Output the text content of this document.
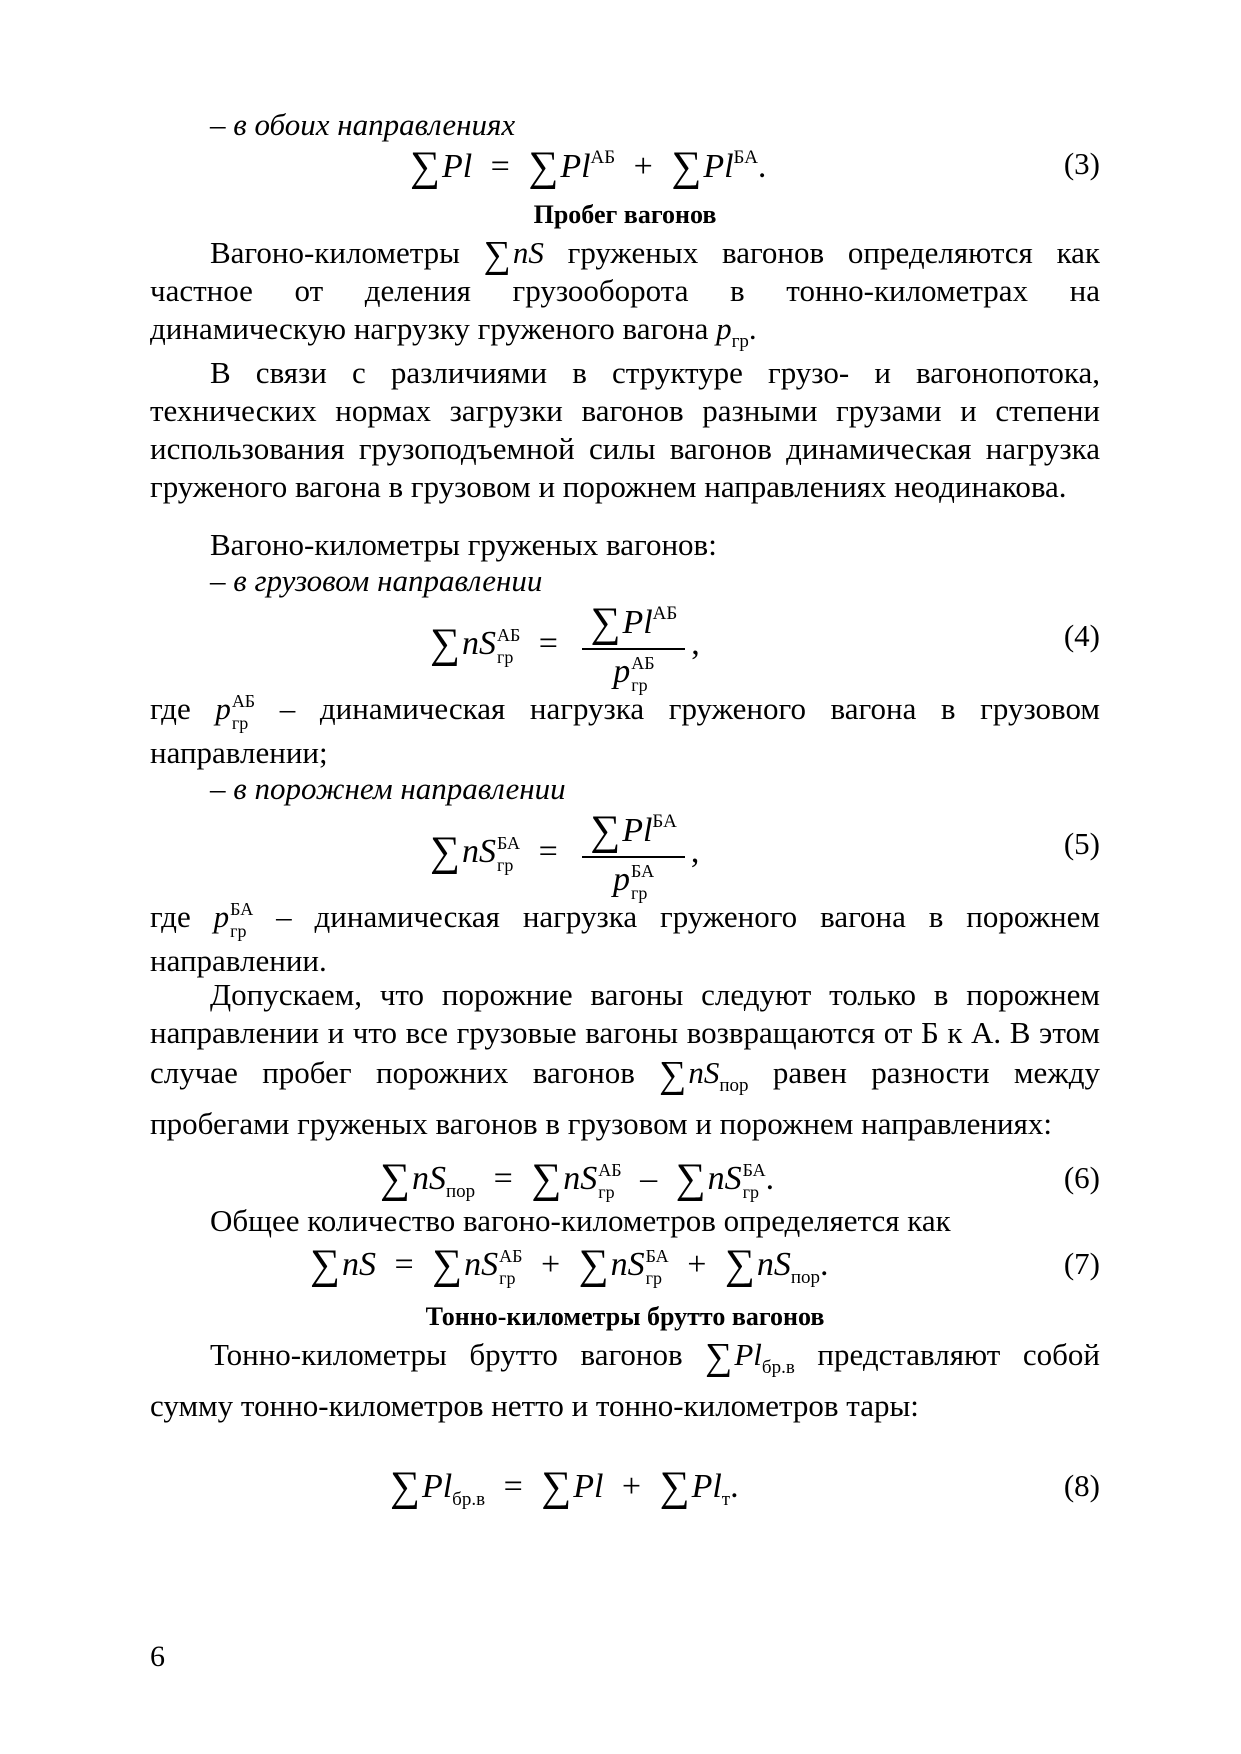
– в обоих направлениях
$\sum Pl = \sum Pl^{АБ} + \sum Pl^{БА}$.	(3)
Пробег вагонов
Вагоно-километры ∑nS груженых вагонов определяются как частное от деления грузооборота в тонно-километрах на динамическую нагрузку груженого вагона $p_{гр}$.
В связи с различиями в структуре грузо- и вагонопотока, технических нормах загрузки вагонов разными грузами и степени использования грузоподъемной силы вагонов динамическая нагрузка груженого вагона в грузовом и порожнем направлениях неодинакова.
Вагоно-километры груженых вагонов:
– в грузовом направлении
∑nS АБ
гр = $\sum Pl^{АБ}$
p АБ
гр ,	(4)
где p АБ
гр – динамическая нагрузка груженого вагона в грузовом направлении;
– в порожнем направлении
∑nS БА
гр = $\sum Pl^{БА}$
p БА
гр ,	(5)
где p БА
гр – динамическая нагрузка груженого вагона в порожнем направлении.
Допускаем, что порожние вагоны следуют только в порожнем направлении и что все грузовые вагоны возвращаются от Б к А. В этом случае пробег порожних вагонов $\sum nS_{пор}$ равен разности между пробегами груженых вагонов в грузовом и порожнем направлениях:
$\sum nS_{пор} = \sum nS$ АБ
гр – ∑nS БА
гр .	(6)
Общее количество вагоно-километров определяется как
∑nS = ∑nS АБ
гр + ∑nS БА
гр + $\sum nS_{пор}$.	(7)
Тонно-километры брутто вагонов
Тонно-километры брутто вагонов $\sum Pl_{бр.в}$ представляют собой сумму тонно-километров нетто и тонно-километров тары:
$\sum Pl_{бр.в} = \sum Pl + \sum Pl_т$.	(8)
6
